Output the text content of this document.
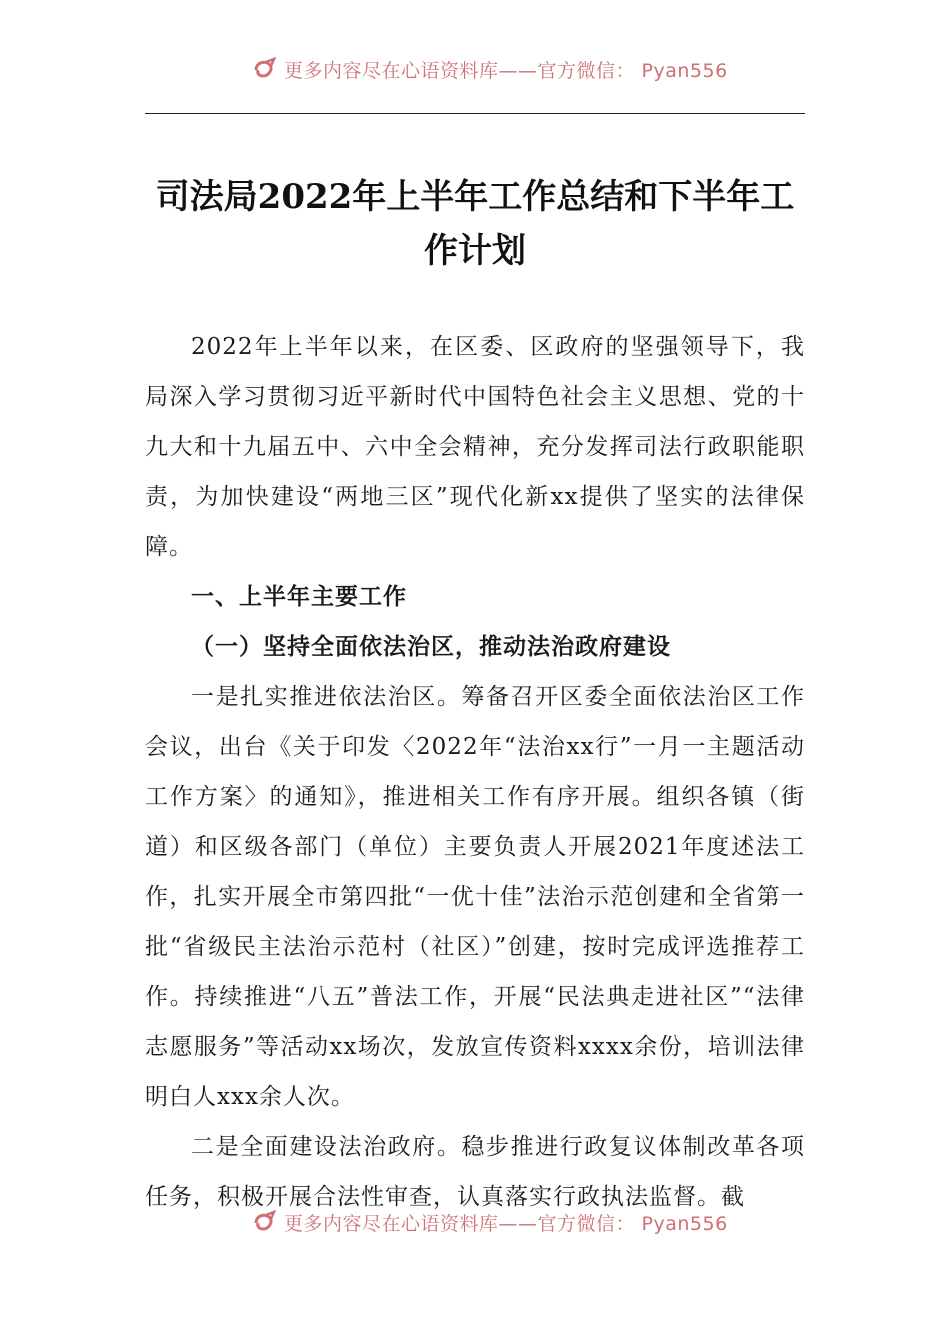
更多内容尽在心语资料库——官方微信： Pyan556
司法局2022年上半年工作总结和下半年工作计划

2022年上半年以来，在区委、区政府的坚强领导下，我局深入学习贯彻习近平新时代中国特色社会主义思想、党的十九大和十九届五中、六中全会精神，充分发挥司法行政职能职责，为加快建设“两地三区”现代化新xx提供了坚实的法律保障。

一、上半年主要工作

（一）坚持全面依法治区，推动法治政府建设

一是扎实推进依法治区。筹备召开区委全面依法治区工作会议，出台《关于印发〈2022年“法治xx行”一月一主题活动工作方案〉的通知》，推进相关工作有序开展。组织各镇（街道）和区级各部门（单位）主要负责人开展2021年度述法工作，扎实开展全市第四批“一优十佳”法治示范创建和全省第一批“省级民主法治示范村（社区）”创建，按时完成评选推荐工作。持续推进“八五”普法工作，开展“民法典走进社区”“法律志愿服务”等活动xx场次，发放宣传资料xxxx余份，培训法律明白人xxx余人次。

二是全面建设法治政府。稳步推进行政复议体制改革各项任务，积极开展合法性审查，认真落实行政执法监督。截

更多内容尽在心语资料库——官方微信： Pyan556
